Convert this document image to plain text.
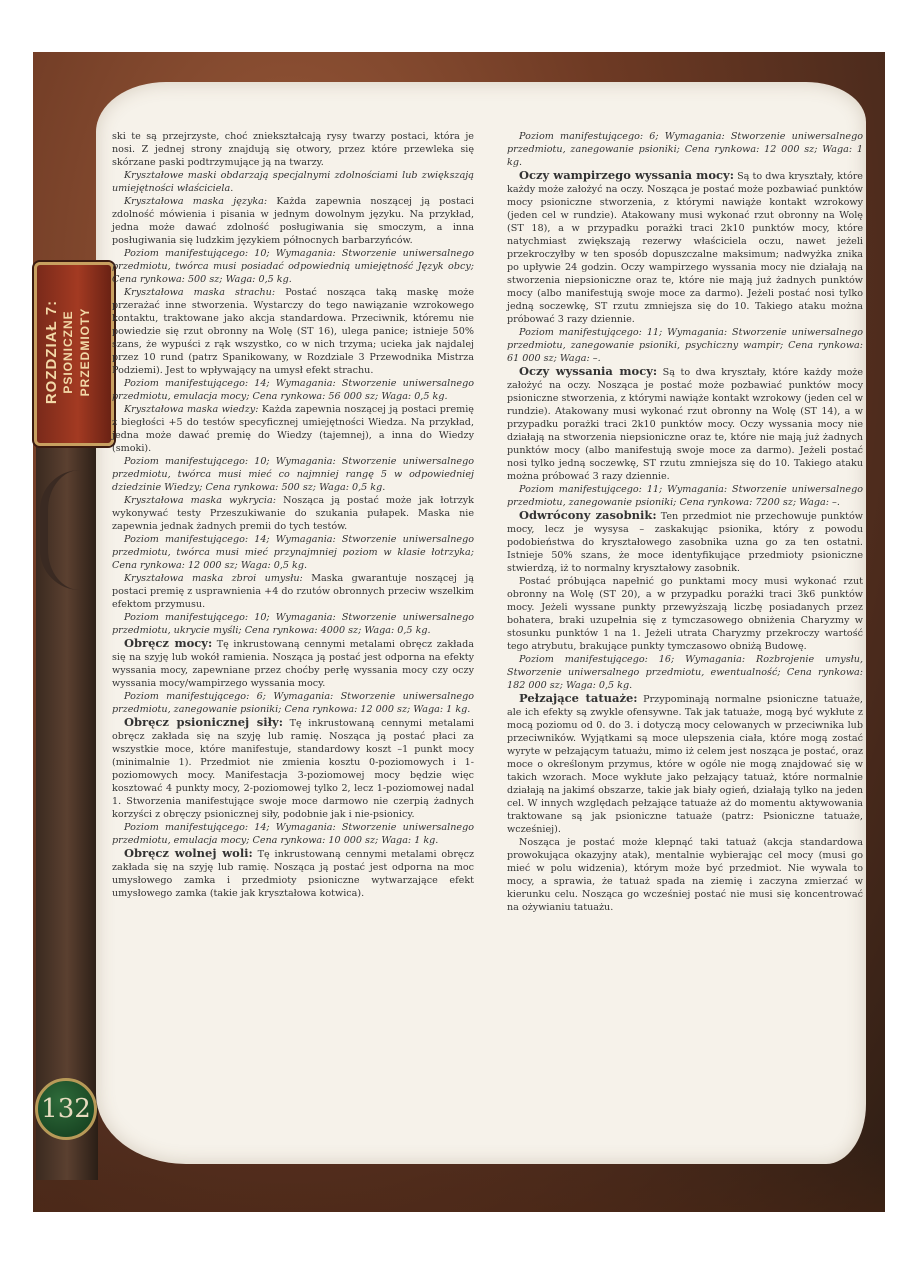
ROZDZIAŁ 7: PSIONICZNE PRZEDMIOTY
132

ski te są przejrzyste, choć zniekształcają rysy twarzy postaci, która je nosi. Z jednej strony znajdują się otwory, przez które przewleka się skórzane paski podtrzymujące ją na twarzy.

Kryształowe maski obdarzają specjalnymi zdolnościami lub zwiększają umiejętności właściciela.

Kryształowa maska języka: Każda zapewnia noszącej ją postaci zdolność mówienia i pisania w jednym dowolnym języku. Na przykład, jedna może dawać zdolność posługiwania się smoczym, a inna posługiwania się ludzkim językiem północnych barbarzyńców.

Poziom manifestującego: 10; Wymagania: Stworzenie uniwersalnego przedmiotu, twórca musi posiadać odpowiednią umiejętność Język obcy; Cena rynkowa: 500 sz; Waga: 0,5 kg.

Kryształowa maska strachu: Postać nosząca taką maskę może przerażać inne stworzenia. Wystarczy do tego nawiązanie wzrokowego kontaktu, traktowane jako akcja standardowa. Przeciwnik, któremu nie powiedzie się rzut obronny na Wolę (ST 16), ulega panice; istnieje 50% szans, że wypuści z rąk wszystko, co w nich trzyma; ucieka jak najdalej przez 10 rund (patrz Spanikowany, w Rozdziale 3 Przewodnika Mistrza Podziemi). Jest to wpływający na umysł efekt strachu.

Poziom manifestującego: 14; Wymagania: Stworzenie uniwersalnego przedmiotu, emulacja mocy; Cena rynkowa: 56 000 sz; Waga: 0,5 kg.

Kryształowa maska wiedzy: Każda zapewnia noszącej ją postaci premię z biegłości +5 do testów specyficznej umiejętności Wiedza. Na przykład, jedna może dawać premię do Wiedzy (tajemnej), a inna do Wiedzy (smoki).

Poziom manifestującego: 10; Wymagania: Stworzenie uniwersalnego przedmiotu, twórca musi mieć co najmniej rangę 5 w odpowiedniej dziedzinie Wiedzy; Cena rynkowa: 500 sz; Waga: 0,5 kg.

Kryształowa maska wykrycia: Nosząca ją postać może jak łotrzyk wykonywać testy Przeszukiwanie do szukania pułapek. Maska nie zapewnia jednak żadnych premii do tych testów.

Poziom manifestującego: 14; Wymagania: Stworzenie uniwersalnego przedmiotu, twórca musi mieć przynajmniej poziom w klasie łotrzyka; Cena rynkowa: 12 000 sz; Waga: 0,5 kg.

Kryształowa maska zbroi umysłu: Maska gwarantuje noszącej ją postaci premię z usprawnienia +4 do rzutów obronnych przeciw wszelkim efektom przymusu.

Poziom manifestującego: 10; Wymagania: Stworzenie uniwersalnego przedmiotu, ukrycie myśli; Cena rynkowa: 4000 sz; Waga: 0,5 kg.

Obręcz mocy: Tę inkrustowaną cennymi metalami obręcz zakłada się na szyję lub wokół ramienia. Nosząca ją postać jest odporna na efekty wyssania mocy, zapewniane przez choćby perłę wyssania mocy czy oczy wyssania mocy/wampirzego wyssania mocy.

Poziom manifestującego: 6; Wymagania: Stworzenie uniwersalnego przedmiotu, zanegowanie psioniki; Cena rynkowa: 12 000 sz; Waga: 1 kg.

Obręcz psionicznej siły: Tę inkrustowaną cennymi metalami obręcz zakłada się na szyję lub ramię. Nosząca ją postać płaci za wszystkie moce, które manifestuje, standardowy koszt –1 punkt mocy (minimalnie 1). Przedmiot nie zmienia kosztu 0-poziomowych i 1-poziomowych mocy. Manifestacja 3-poziomowej mocy będzie więc kosztować 4 punkty mocy, 2-poziomowej tylko 2, lecz 1-poziomowej nadal 1. Stworzenia manifestujące swoje moce darmowo nie czerpią żadnych korzyści z obręczy psionicznej siły, podobnie jak i nie-psionicy.

Poziom manifestującego: 14; Wymagania: Stworzenie uniwersalnego przedmiotu, emulacja mocy; Cena rynkowa: 10 000 sz; Waga: 1 kg.

Obręcz wolnej woli: Tę inkrustowaną cennymi metalami obręcz zakłada się na szyję lub ramię. Nosząca ją postać jest odporna na moc umysłowego zamka i przedmioty psioniczne wytwarzające efekt umysłowego zamka (takie jak kryształowa kotwica).

Poziom manifestującego: 6; Wymagania: Stworzenie uniwersalnego przedmiotu, zanegowanie psioniki; Cena rynkowa: 12 000 sz; Waga: 1 kg.

Oczy wampirzego wyssania mocy: Są to dwa kryształy, które każdy może założyć na oczy. Nosząca je postać może pozbawiać punktów mocy psioniczne stworzenia, z którymi nawiąże kontakt wzrokowy (jeden cel w rundzie). Atakowany musi wykonać rzut obronny na Wolę (ST 18), a w przypadku porażki traci 2k10 punktów mocy, które natychmiast zwiększają rezerwy właściciela oczu, nawet jeżeli przekroczyłby w ten sposób dopuszczalne maksimum; nadwyżka znika po upływie 24 godzin. Oczy wampirzego wyssania mocy nie działają na stworzenia niepsioniczne oraz te, które nie mają już żadnych punktów mocy (albo manifestują swoje moce za darmo). Jeżeli postać nosi tylko jedną soczewkę, ST rzutu zmniejsza się do 10. Takiego ataku można próbować 3 razy dziennie.

Poziom manifestującego: 11; Wymagania: Stworzenie uniwersalnego przedmiotu, zanegowanie psioniki, psychiczny wampir; Cena rynkowa: 61 000 sz; Waga: –.

Oczy wyssania mocy: Są to dwa kryształy, które każdy może założyć na oczy. Nosząca je postać może pozbawiać punktów mocy psioniczne stworzenia, z którymi nawiąże kontakt wzrokowy (jeden cel w rundzie). Atakowany musi wykonać rzut obronny na Wolę (ST 14), a w przypadku porażki traci 2k10 punktów mocy. Oczy wyssania mocy nie działają na stworzenia niepsioniczne oraz te, które nie mają już żadnych punktów mocy (albo manifestują swoje moce za darmo). Jeżeli postać nosi tylko jedną soczewkę, ST rzutu zmniejsza się do 10. Takiego ataku można próbować 3 razy dziennie.

Poziom manifestującego: 11; Wymagania: Stworzenie uniwersalnego przedmiotu, zanegowanie psioniki; Cena rynkowa: 7200 sz; Waga: –.

Odwrócony zasobnik: Ten przedmiot nie przechowuje punktów mocy, lecz je wysysa – zaskakując psionika, który z powodu podobieństwa do kryształowego zasobnika uzna go za ten ostatni. Istnieje 50% szans, że moce identyfikujące przedmioty psioniczne stwierdzą, iż to normalny kryształowy zasobnik.

Postać próbująca napełnić go punktami mocy musi wykonać rzut obronny na Wolę (ST 20), a w przypadku porażki traci 3k6 punktów mocy. Jeżeli wyssane punkty przewyższają liczbę posiadanych przez bohatera, braki uzupełnia się z tymczasowego obniżenia Charyzmy w stosunku punktów 1 na 1. Jeżeli utrata Charyzmy przekroczy wartość tego atrybutu, brakujące punkty tymczasowo obniżą Budowę.

Poziom manifestującego: 16; Wymagania: Rozbrojenie umysłu, Stworzenie uniwersalnego przedmiotu, ewentualność; Cena rynkowa: 182 000 sz; Waga: 0,5 kg.

Pełzające tatuaże: Przypominają normalne psioniczne tatuaże, ale ich efekty są zwykle ofensywne. Tak jak tatuaże, mogą być wykłute z mocą poziomu od 0. do 3. i dotyczą mocy celowanych w przeciwnika lub przeciwników. Wyjątkami są moce ulepszenia ciała, które mogą zostać wyryte w pełzającym tatuażu, mimo iż celem jest nosząca je postać, oraz moce o określonym przymus, które w ogóle nie mogą znajdować się w takich wzorach. Moce wykłute jako pełzający tatuaż, które normalnie działają na jakimś obszarze, takie jak biały ogień, działają tylko na jeden cel. W innych względach pełzające tatuaże aż do momentu aktywowania traktowane są jak psioniczne tatuaże (patrz: Psioniczne tatuaże, wcześniej).

Nosząca je postać może klepnąć taki tatuaż (akcja standardowa prowokująca okazyjny atak), mentalnie wybierając cel mocy (musi go mieć w polu widzenia), którym może być przedmiot. Nie wywala to mocy, a sprawia, że tatuaż spada na ziemię i zaczyna zmierzać w kierunku celu. Nosząca go wcześniej postać nie musi się koncentrować na ożywianiu tatuażu.
